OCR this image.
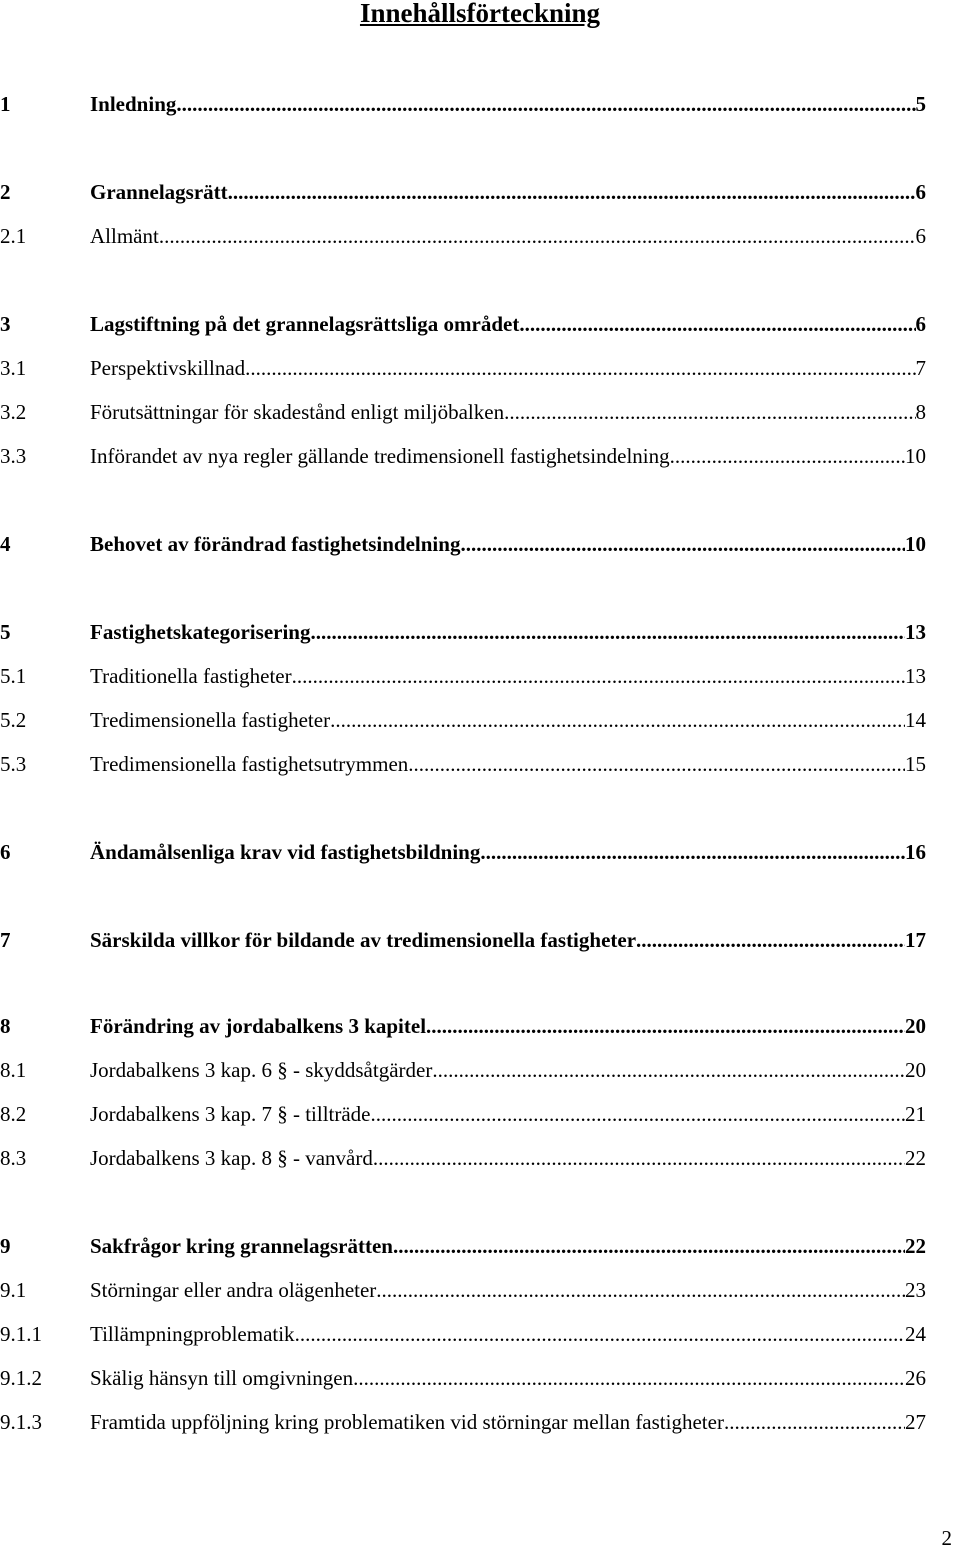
Innehållsförteckning
1	Inledning .....	5
2	Grannelagsrätt .....	6
2.1	Allmänt .....	6
3	Lagstiftning på det grannelagsrättsliga området .....	6
3.1	Perspektivskillnad .....	7
3.2	Förutsättningar för skadestånd enligt miljöbalken .....	8
3.3	Införandet av nya regler gällande tredimensionell fastighetsindelning .....	10
4	Behovet av förändrad fastighetsindelning .....	10
5	Fastighetskategorisering .....	13
5.1	Traditionella fastigheter .....	13
5.2	Tredimensionella fastigheter .....	14
5.3	Tredimensionella fastighetsutrymmen .....	15
6	Ändamålsenliga krav vid fastighetsbildning .....	16
7	Särskilda villkor för bildande av tredimensionella fastigheter .....	17
8	Förändring av jordabalkens 3 kapitel .....	20
8.1	Jordabalkens 3 kap. 6 § - skyddsåtgärder .....	20
8.2	Jordabalkens 3 kap. 7 § - tillträde .....	21
8.3	Jordabalkens 3 kap. 8 § - vanvård .....	22
9	Sakfrågor kring grannelagsrätten .....	22
9.1	Störningar eller andra olägenheter .....	23
9.1.1	Tillämpningproblematik .....	24
9.1.2	Skälig hänsyn till omgivningen .....	26
9.1.3	Framtida uppföljning kring problematiken vid störningar mellan fastigheter .....	27
2
